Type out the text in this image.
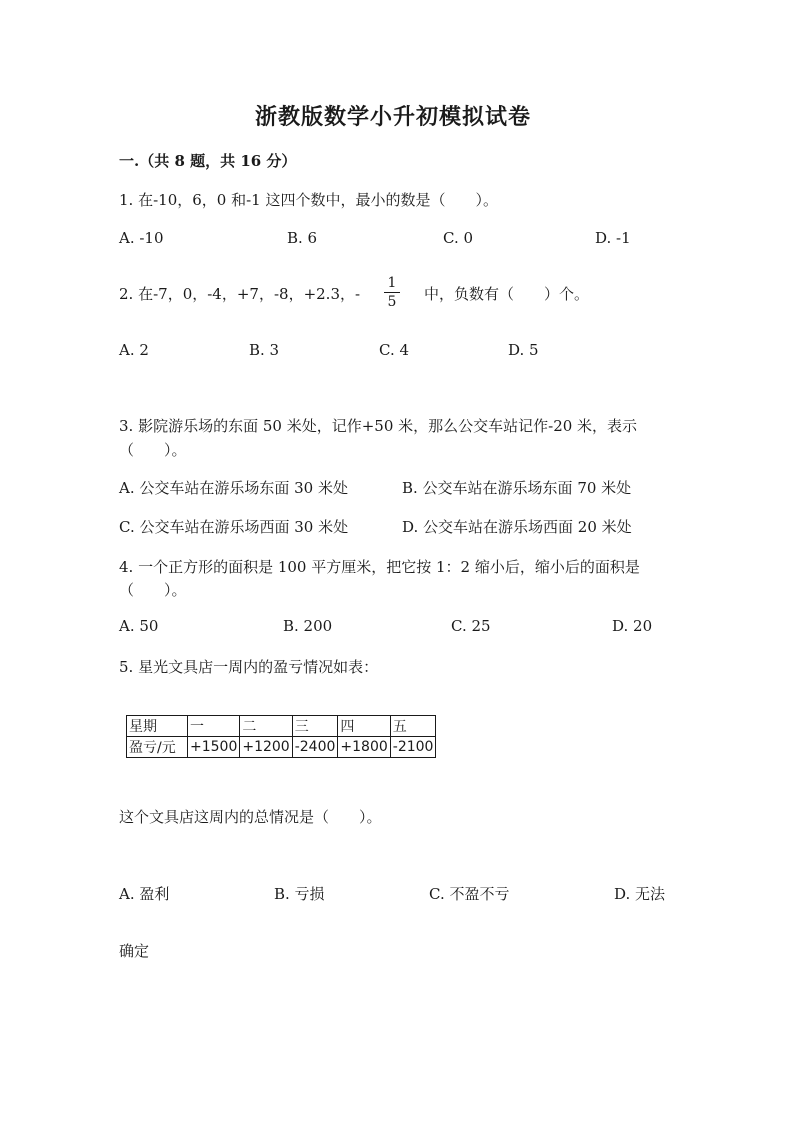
浙教版数学小升初模拟试卷
一.（共 8 题，共 16 分）
1. 在-10，6，0 和-1 这四个数中，最小的数是（　　）。
A. -10	B. 6	C. 0	D. -1
2. 在-7，0，-4，+7，-8，+2.3，-
1
5 中，负数有（　　）个。
A. 2	B. 3	C. 4	D. 5
3. 影院游乐场的东面 50 米处，记作+50 米，那么公交车站记作-20 米，表示
（　　）。
A. 公交车站在游乐场东面 30 米处	B. 公交车站在游乐场东面 70 米处
C. 公交车站在游乐场西面 30 米处	D. 公交车站在游乐场西面 20 米处
4. 一个正方形的面积是 100 平方厘米，把它按 1：2 缩小后，缩小后的面积是
（　　）。
A. 50	B. 200	C. 25	D. 20
5. 星光文具店一周内的盈亏情况如表：
星期	一	二	三	四	五
盈亏/元	+1500	+1200	-2400	+1800	-2100
这个文具店这周内的总情况是（　　）。
A. 盈利	B. 亏损	C. 不盈不亏	D. 无法
确定
